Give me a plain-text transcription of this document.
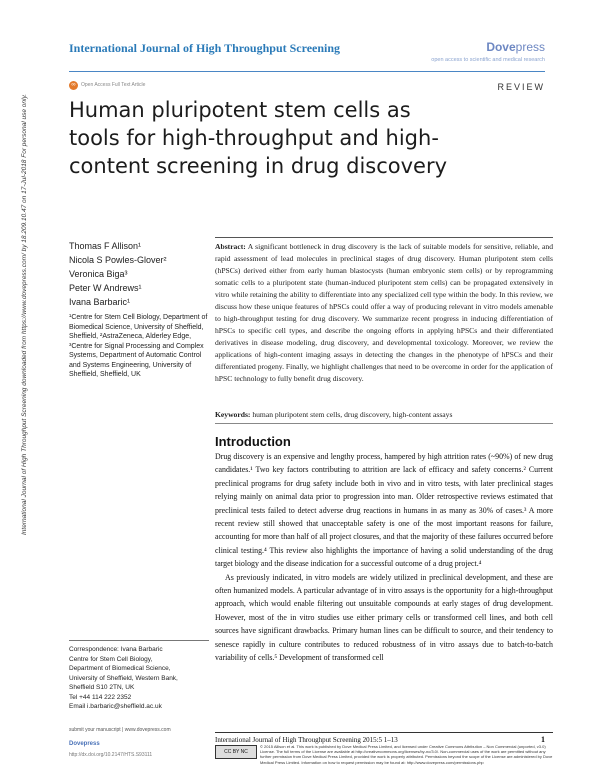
International Journal of High Throughput Screening	Dovepress
open access to scientific and medical research
∞	Open Access Full Text Article	REVIEW
Human pluripotent stem cells as tools for high-throughput and high-content screening in drug discovery
International Journal of High Throughput Screening downloaded from https://www.dovepress.com/ by 18.209.10.47 on 17-Jul-2018 For personal use only.	Thomas F Allison¹
Nicola S Powles-Glover²
Veronica Biga³
Peter W Andrews¹
Ivana Barbaric¹
¹Centre for Stem Cell Biology, Department of Biomedical Science, University of Sheffield, Sheffield, ²AstraZeneca, Alderley Edge, ³Centre for Signal Processing and Complex Systems, Department of Automatic Control and Systems Engineering, University of Sheffield, Sheffield, UK
Abstract: A significant bottleneck in drug discovery is the lack of suitable models for sensitive, reliable, and rapid assessment of lead molecules in preclinical stages of drug discovery. Human pluripotent stem cells (hPSCs) derived either from early human blastocysts (human embryonic stem cells) or by reprogramming somatic cells to a pluripotent state (human-induced pluripotent stem cells) can be propagated extensively in vitro while retaining the ability to differentiate into any specialized cell type within the body. In this review, we discuss how these unique features of hPSCs could offer a way of producing relevant in vitro models amenable to high-throughput testing for drug discovery. We summarize recent progress in inducing differentiation of hPSCs to specific cell types, and describe the ongoing efforts in applying hPSCs and their differentiated derivatives in disease modeling, drug discovery, and developmental toxicology. Moreover, we review the applications of high-content imaging assays in detecting the changes in the phenotype of hPSCs and their differentiated progeny. Finally, we highlight challenges that need to be overcome in order for the application of hPSC technology to fully benefit drug discovery.
Keywords: human pluripotent stem cells, drug discovery, high-content assays
Introduction

Drug discovery is an expensive and lengthy process, hampered by high attrition rates (~90%) of new drug candidates.¹ Two key factors contributing to attrition are lack of efficacy and safety concerns.² Current preclinical programs for drug safety include both in vivo and in vitro tests, with later preclinical stages relying mainly on animal data prior to progression into man. Older retrospective reviews estimated that preclinical tests failed to detect adverse drug reactions in humans in as many as 30% of cases.³ A more recent review still showed that unacceptable safety is one of the most important reasons for failure, accounting for more than half of all project closures, and that the majority of these failures occurred before clinical testing.⁴ This review also highlights the importance of having a solid understanding of the drug target biology and the disease indication for a successful outcome of a drug project.⁴

As previously indicated, in vitro models are widely utilized in preclinical development, and these are often humanized models. A particular advantage of in vitro assays is the opportunity for a high-throughput approach, which would enable filtering out unsuitable compounds at early stages of drug development. However, most of the in vitro studies use either primary cells or transformed cell lines, and both cell sources have significant drawbacks. Primary human lines can be difficult to source, and their tendency to senesce rapidly in culture contributes to reduced robustness of in vitro assays due to batch-to-batch variability of cells.⁵ Development of transformed cell

Correspondence: Ivana Barbaric
Centre for Stem Cell Biology,
Department of Biomedical Science,
University of Sheffield, Western Bank,
Sheffield S10 2TN, UK
Tel +44 114 222 2352
Email i.barbaric@sheffield.ac.uk
submit your manuscript | www.dovepress.com
Dovepress
http://dx.doi.org/10.2147/HTS.S93111
International Journal of High Throughput Screening 2015:5 1–13	1
CC BY NC
© 2015 Allison et al. This work is published by Dove Medical Press Limited, and licensed under Creative Commons Attribution – Non Commercial (unported, v3.0) License. The full terms of the License are available at http://creativecommons.org/licenses/by-nc/3.0/. Non-commercial uses of the work are permitted without any further permission from Dove Medical Press Limited, provided the work is properly attributed. Permissions beyond the scope of the License are administered by Dove Medical Press Limited. Information on how to request permission may be found at: http://www.dovepress.com/permissions.php
